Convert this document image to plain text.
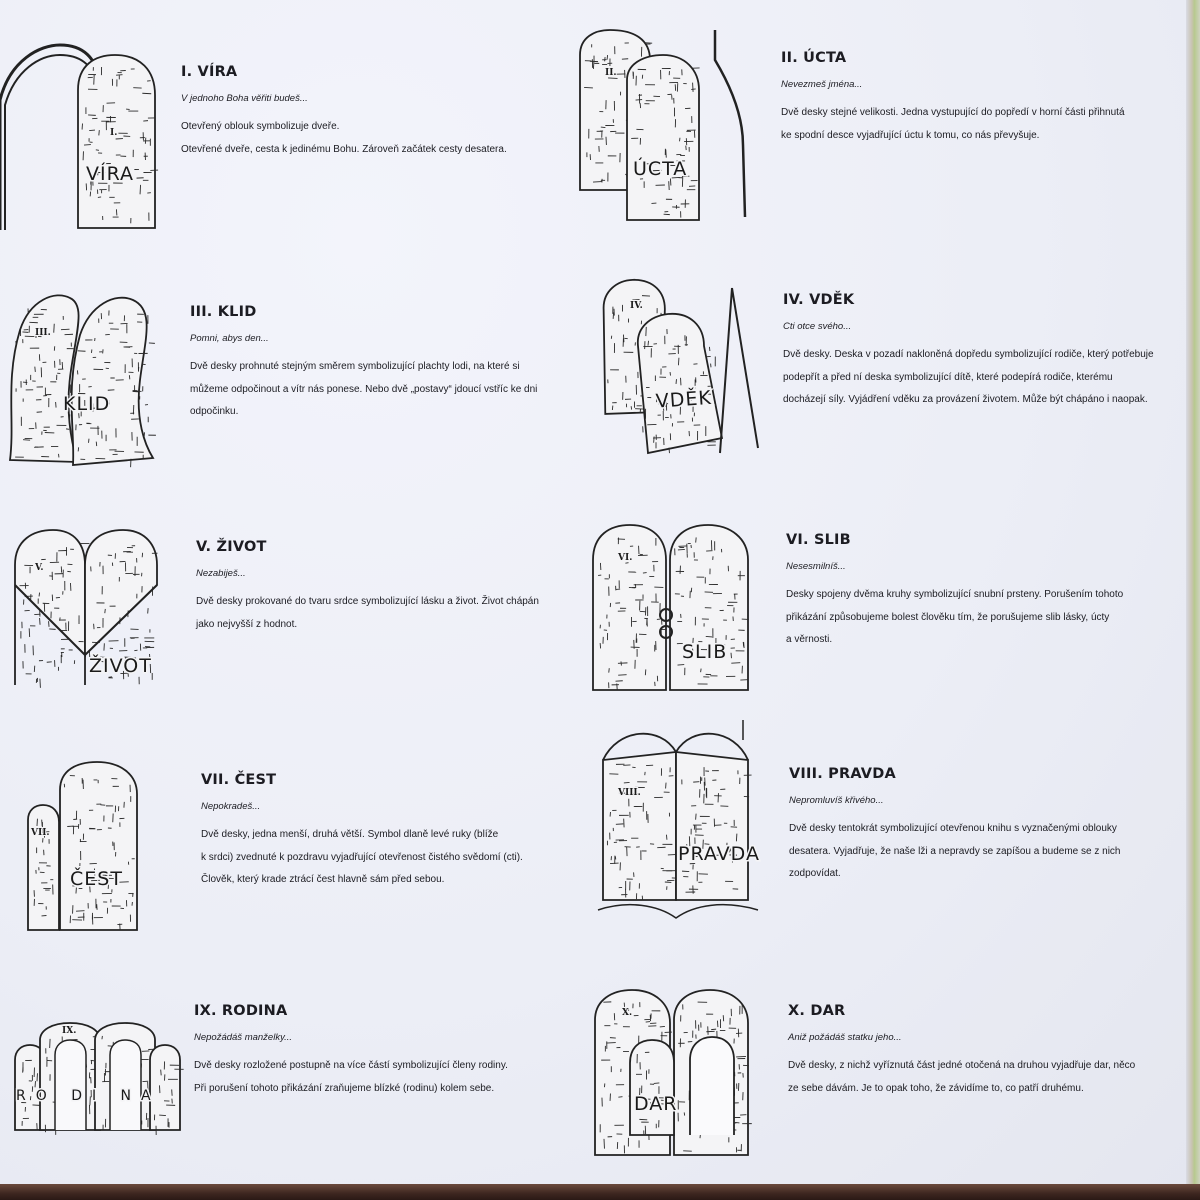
I. VÍRA
V jednoho Boha věřiti budeš...
Otevřený oblouk symbolizuje dveře.
Otevřené dveře, cesta k jedinému Bohu. Zároveň začátek cesty desatera.
II. ÚCTA
Nevezmeš jména...
Dvě desky stejné velikosti. Jedna vystupující do popředí v horní části přihnutá
ke spodní desce vyjadřující úctu k tomu, co nás převyšuje.
III. KLID
Pomni, abys den...
Dvě desky prohnuté stejným směrem symbolizující plachty lodi, na které si
můžeme odpočinout a vítr nás ponese. Nebo dvě „postavy“ jdoucí vstříc ke dni
odpočinku.
IV. VDĚK
Cti otce svého...
Dvě desky. Deska v pozadí nakloněná dopředu symbolizující rodiče, který potřebuje
podepřít a před ní deska symbolizující dítě, které podepírá rodiče, kterému
docházejí síly. Vyjádření vděku za provázení životem. Může být chápáno i naopak.
V. ŽIVOT
Nezabiješ...
Dvě desky prokované do tvaru srdce symbolizující lásku a život. Život chápán
jako nejvyšší z hodnot.
VI. SLIB
Nesesmilníš...
Desky spojeny dvěma kruhy symbolizující snubní prsteny. Porušením tohoto
přikázání způsobujeme bolest člověku tím, že porušujeme slib lásky, úcty
a věrnosti.
VII. ČEST
Nepokradeš...
Dvě desky, jedna menší, druhá větší. Symbol dlaně levé ruky (blíže
k srdci) zvednuté k pozdravu vyjadřující otevřenost čistého svědomí (cti).
Člověk, který krade ztrácí čest hlavně sám před sebou.
VIII. PRAVDA
Nepromluvíš křivého...
Dvě desky tentokrát symbolizující otevřenou knihu s vyznačenými oblouky
desatera. Vyjadřuje, že naše lži a nepravdy se zapíšou a budeme se z nich
zodpovídat.
IX. RODINA
Nepožádáš manželky...
Dvě desky rozložené postupně na více částí symbolizující členy rodiny.
Při porušení tohoto přikázání zraňujeme blízké (rodinu) kolem sebe.
X. DAR
Aniž požádáš statku jeho...
Dvě desky, z nichž vyříznutá část jedné otočená na druhou vyjadřuje dar, něco
ze sebe dávám. Je to opak toho, že závidíme to, co patří druhému.
VÍRA
I.
ÚCTA
II.
KLID
III.
VDĚK
IV.
ŽIVOT
V.
SLIB
VI.
ČEST
VII.
PRAVDA
VIII.
RO DI NA
IX.
DAR
X.
